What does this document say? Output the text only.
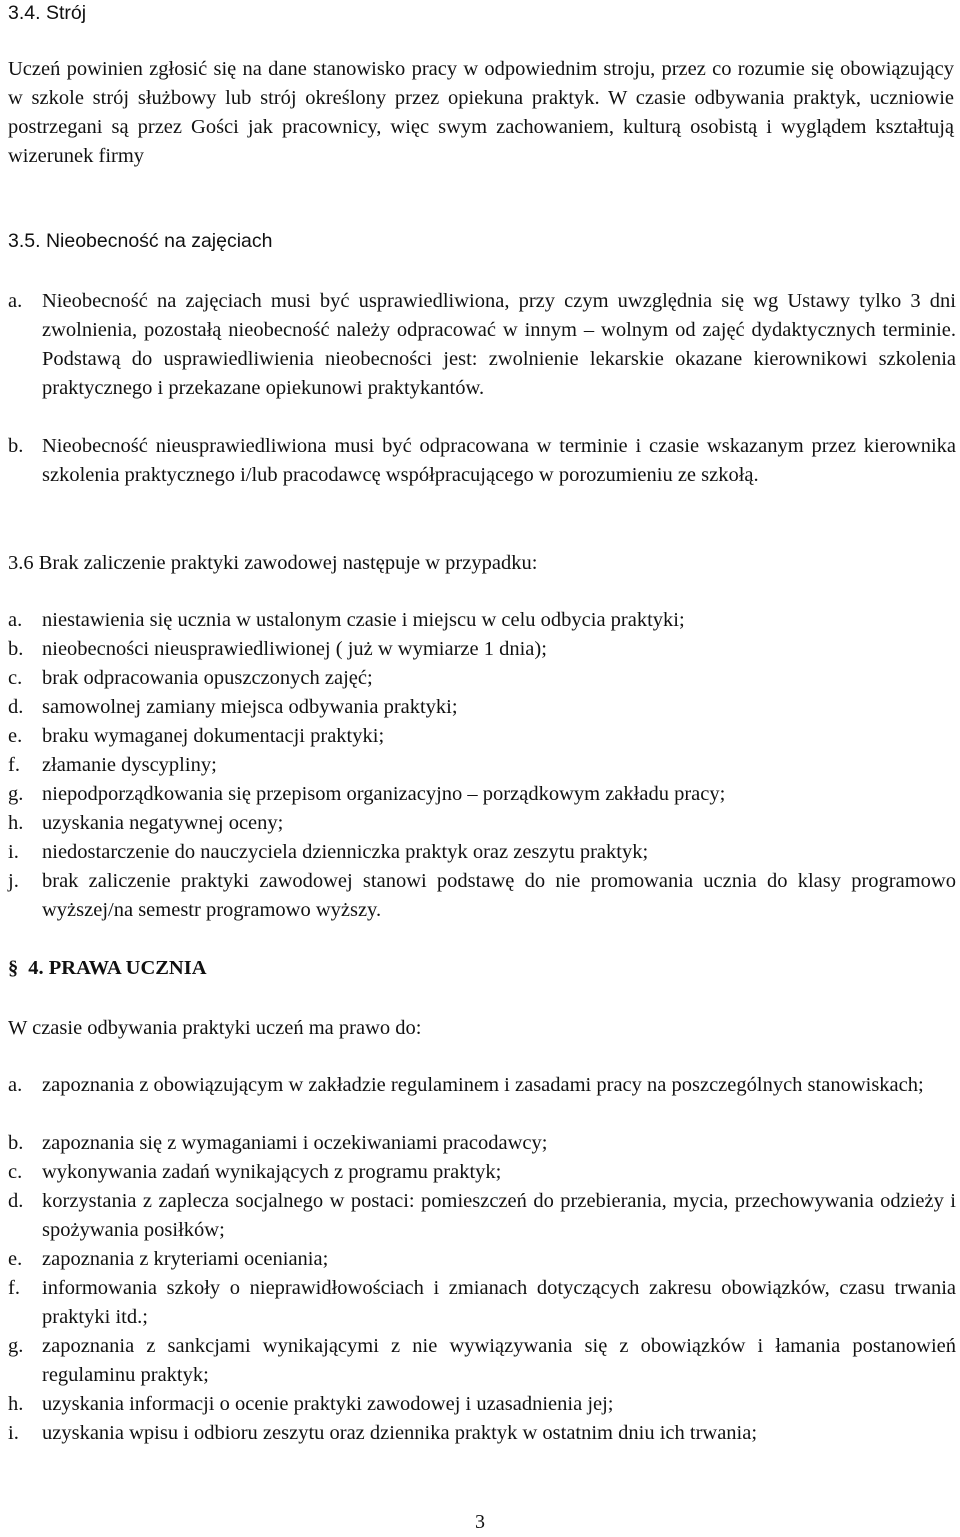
3.4. Strój
Uczeń powinien zgłosić się na dane stanowisko pracy w odpowiednim stroju, przez co rozumie się obowiązujący w szkole strój służbowy lub strój określony przez opiekuna praktyk. W czasie odbywania praktyk, uczniowie postrzegani są przez Gości jak pracownicy, więc swym zachowaniem, kulturą osobistą i wyglądem kształtują wizerunek firmy
3.5. Nieobecność na zajęciach
a. Nieobecność na zajęciach musi być usprawiedliwiona, przy czym uwzględnia się wg Ustawy tylko 3 dni zwolnienia, pozostałą nieobecność należy odpracować w innym – wolnym od zajęć dydaktycznych terminie. Podstawą do usprawiedliwienia nieobecności jest: zwolnienie lekarskie okazane kierownikowi szkolenia praktycznego i przekazane opiekunowi praktykantów.
b. Nieobecność nieusprawiedliwiona musi być odpracowana w terminie i czasie wskazanym przez kierownika szkolenia praktycznego i/lub pracodawcę współpracującego w porozumieniu ze szkołą.
3.6 Brak zaliczenie praktyki zawodowej następuje w przypadku:
a. niestawienia się ucznia w ustalonym czasie i miejscu w celu odbycia praktyki;
b. nieobecności nieusprawiedliwionej ( już w wymiarze 1 dnia);
c. brak odpracowania opuszczonych zajęć;
d. samowolnej zamiany miejsca odbywania praktyki;
e. braku wymaganej dokumentacji praktyki;
f.	złamanie dyscypliny;
g. niepodporządkowania się przepisom organizacyjno – porządkowym zakładu pracy;
h. uzyskania negatywnej oceny;
i.	niedostarczenie do nauczyciela dzienniczka praktyk oraz zeszytu praktyk;
j.	brak zaliczenie praktyki zawodowej stanowi podstawę do nie promowania ucznia do klasy programowo wyższej/na semestr programowo wyższy.
§ 4. PRAWA UCZNIA
W czasie odbywania praktyki uczeń ma prawo do:
a. zapoznania z obowiązującym w zakładzie regulaminem i zasadami pracy na poszczególnych stanowiskach;
b. zapoznania się z wymaganiami i oczekiwaniami pracodawcy;
c. wykonywania zadań wynikających z programu praktyk;
d. korzystania z zaplecza socjalnego w postaci: pomieszczeń do przebierania, mycia, przechowywania odzieży i spożywania posiłków;
e. zapoznania z kryteriami oceniania;
f.	informowania szkoły o nieprawidłowościach i zmianach dotyczących zakresu obowiązków, czasu trwania praktyki itd.;
g. zapoznania z sankcjami wynikającymi z nie wywiązywania się z obowiązków i łamania postanowień regulaminu praktyk;
h. uzyskania informacji o ocenie praktyki zawodowej i uzasadnienia jej;
i.	uzyskania wpisu i odbioru zeszytu oraz dziennika praktyk w ostatnim dniu ich trwania;
3
